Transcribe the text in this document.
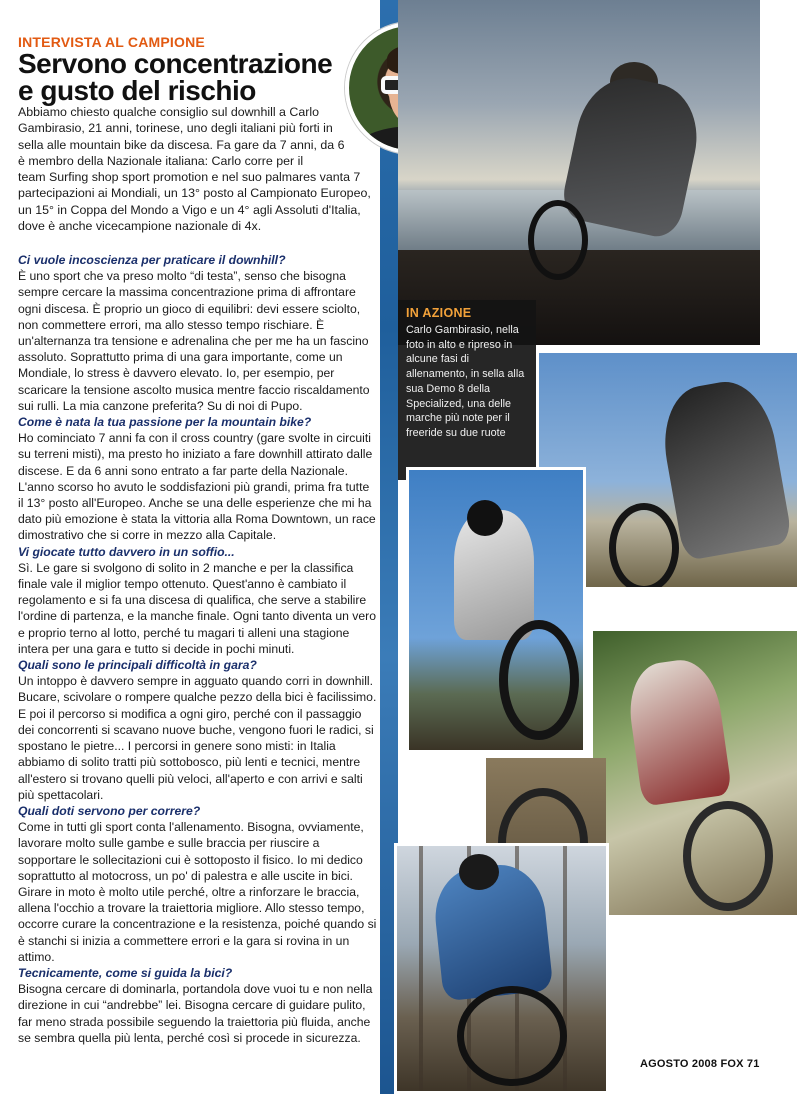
INTERVISTA AL CAMPIONE
Servono concentrazione
e gusto del rischio

Abbiamo chiesto qualche consiglio sul downhill a Carlo Gambirasio, 21 anni, torinese, uno degli italiani più forti in sella alle mountain bike da discesa. Fa gare da 7 anni, da 6 è membro della Nazionale italiana: Carlo corre per il

team Surfing shop sport promotion e nel suo palmares vanta 7 partecipazioni ai Mondiali, un 13° posto al Campionato Europeo, un 15° in Coppa del Mondo a Vigo e un 4° agli Assoluti d'Italia, dove è anche vicecampione nazionale di 4x.

Ci vuole incoscienza per praticare il downhill?
È uno sport che va preso molto “di testa”, senso che bisogna sempre cercare la massima concentrazione prima di affrontare ogni discesa. È proprio un gioco di equilibri: devi essere sciolto, non commettere errori, ma allo stesso tempo rischiare. È un'alternanza tra tensione e adrenalina che per me ha un fascino assoluto. Soprattutto prima di una gara importante, come un Mondiale, lo stress è davvero elevato. Io, per esempio, per scaricare la tensione ascolto musica mentre faccio riscaldamento sui rulli. La mia canzone preferita? Su di noi di Pupo.
Come è nata la tua passione per la mountain bike?
Ho cominciato 7 anni fa con il cross country (gare svolte in circuiti su terreni misti), ma presto ho iniziato a fare downhill attirato dalle discese. E da 6 anni sono entrato a far parte della Nazionale. L'anno scorso ho avuto le soddisfazioni più grandi, prima fra tutte il 13° posto all'Europeo. Anche se una delle esperienze che mi ha dato più emozione è stata la vittoria alla Roma Downtown, un race dimostrativo che si corre in mezzo alla Capitale.
Vi giocate tutto davvero in un soffio...
Sì. Le gare si svolgono di solito in 2 manche e per la classifica finale vale il miglior tempo ottenuto. Quest'anno è cambiato il regolamento e si fa una discesa di qualifica, che serve a stabilire l'ordine di partenza, e la manche finale. Ogni tanto diventa un vero e proprio terno al lotto, perché tu magari ti alleni una stagione intera per una gara e tutto si decide in pochi minuti.
Quali sono le principali difficoltà in gara?
Un intoppo è davvero sempre in agguato quando corri in downhill. Bucare, scivolare o rompere qualche pezzo della bici è facilissimo. E poi il percorso si modifica a ogni giro, perché con il passaggio dei concorrenti si scavano nuove buche, vengono fuori le radici, si spostano le pietre... I percorsi in genere sono misti: in Italia abbiamo di solito tratti più sottobosco, più lenti e tecnici, mentre all'estero si trovano quelli più veloci, all'aperto e con arrivi e salti più spettacolari.
Quali doti servono per correre?
Come in tutti gli sport conta l'allenamento. Bisogna, ovviamente, lavorare molto sulle gambe e sulle braccia per riuscire a sopportare le sollecitazioni cui è sottoposto il fisico. Io mi dedico soprattutto al motocross, un po' di palestra e alle uscite in bici. Girare in moto è molto utile perché, oltre a rinforzare le braccia, allena l'occhio a trovare la traiettoria migliore. Allo stesso tempo, occorre curare la concentrazione e la resistenza, poiché quando si è stanchi si inizia a commettere errori e la gara si rovina in un attimo.
Tecnicamente, come si guida la bici?
Bisogna cercare di dominarla, portandola dove vuoi tu e non nella direzione in cui “andrebbe” lei. Bisogna cercare di guidare pulito, far meno strada possibile seguendo la traiettoria più fluida, anche se sembra quella più lenta, perché così si procede in sicurezza.
IN AZIONE
Carlo Gambirasio, nella foto in alto e ripreso in alcune fasi di allenamento, in sella alla sua Demo 8 della Specialized, una delle marche più note per il freeride su due ruote
AGOSTO 2008 FOX 71
